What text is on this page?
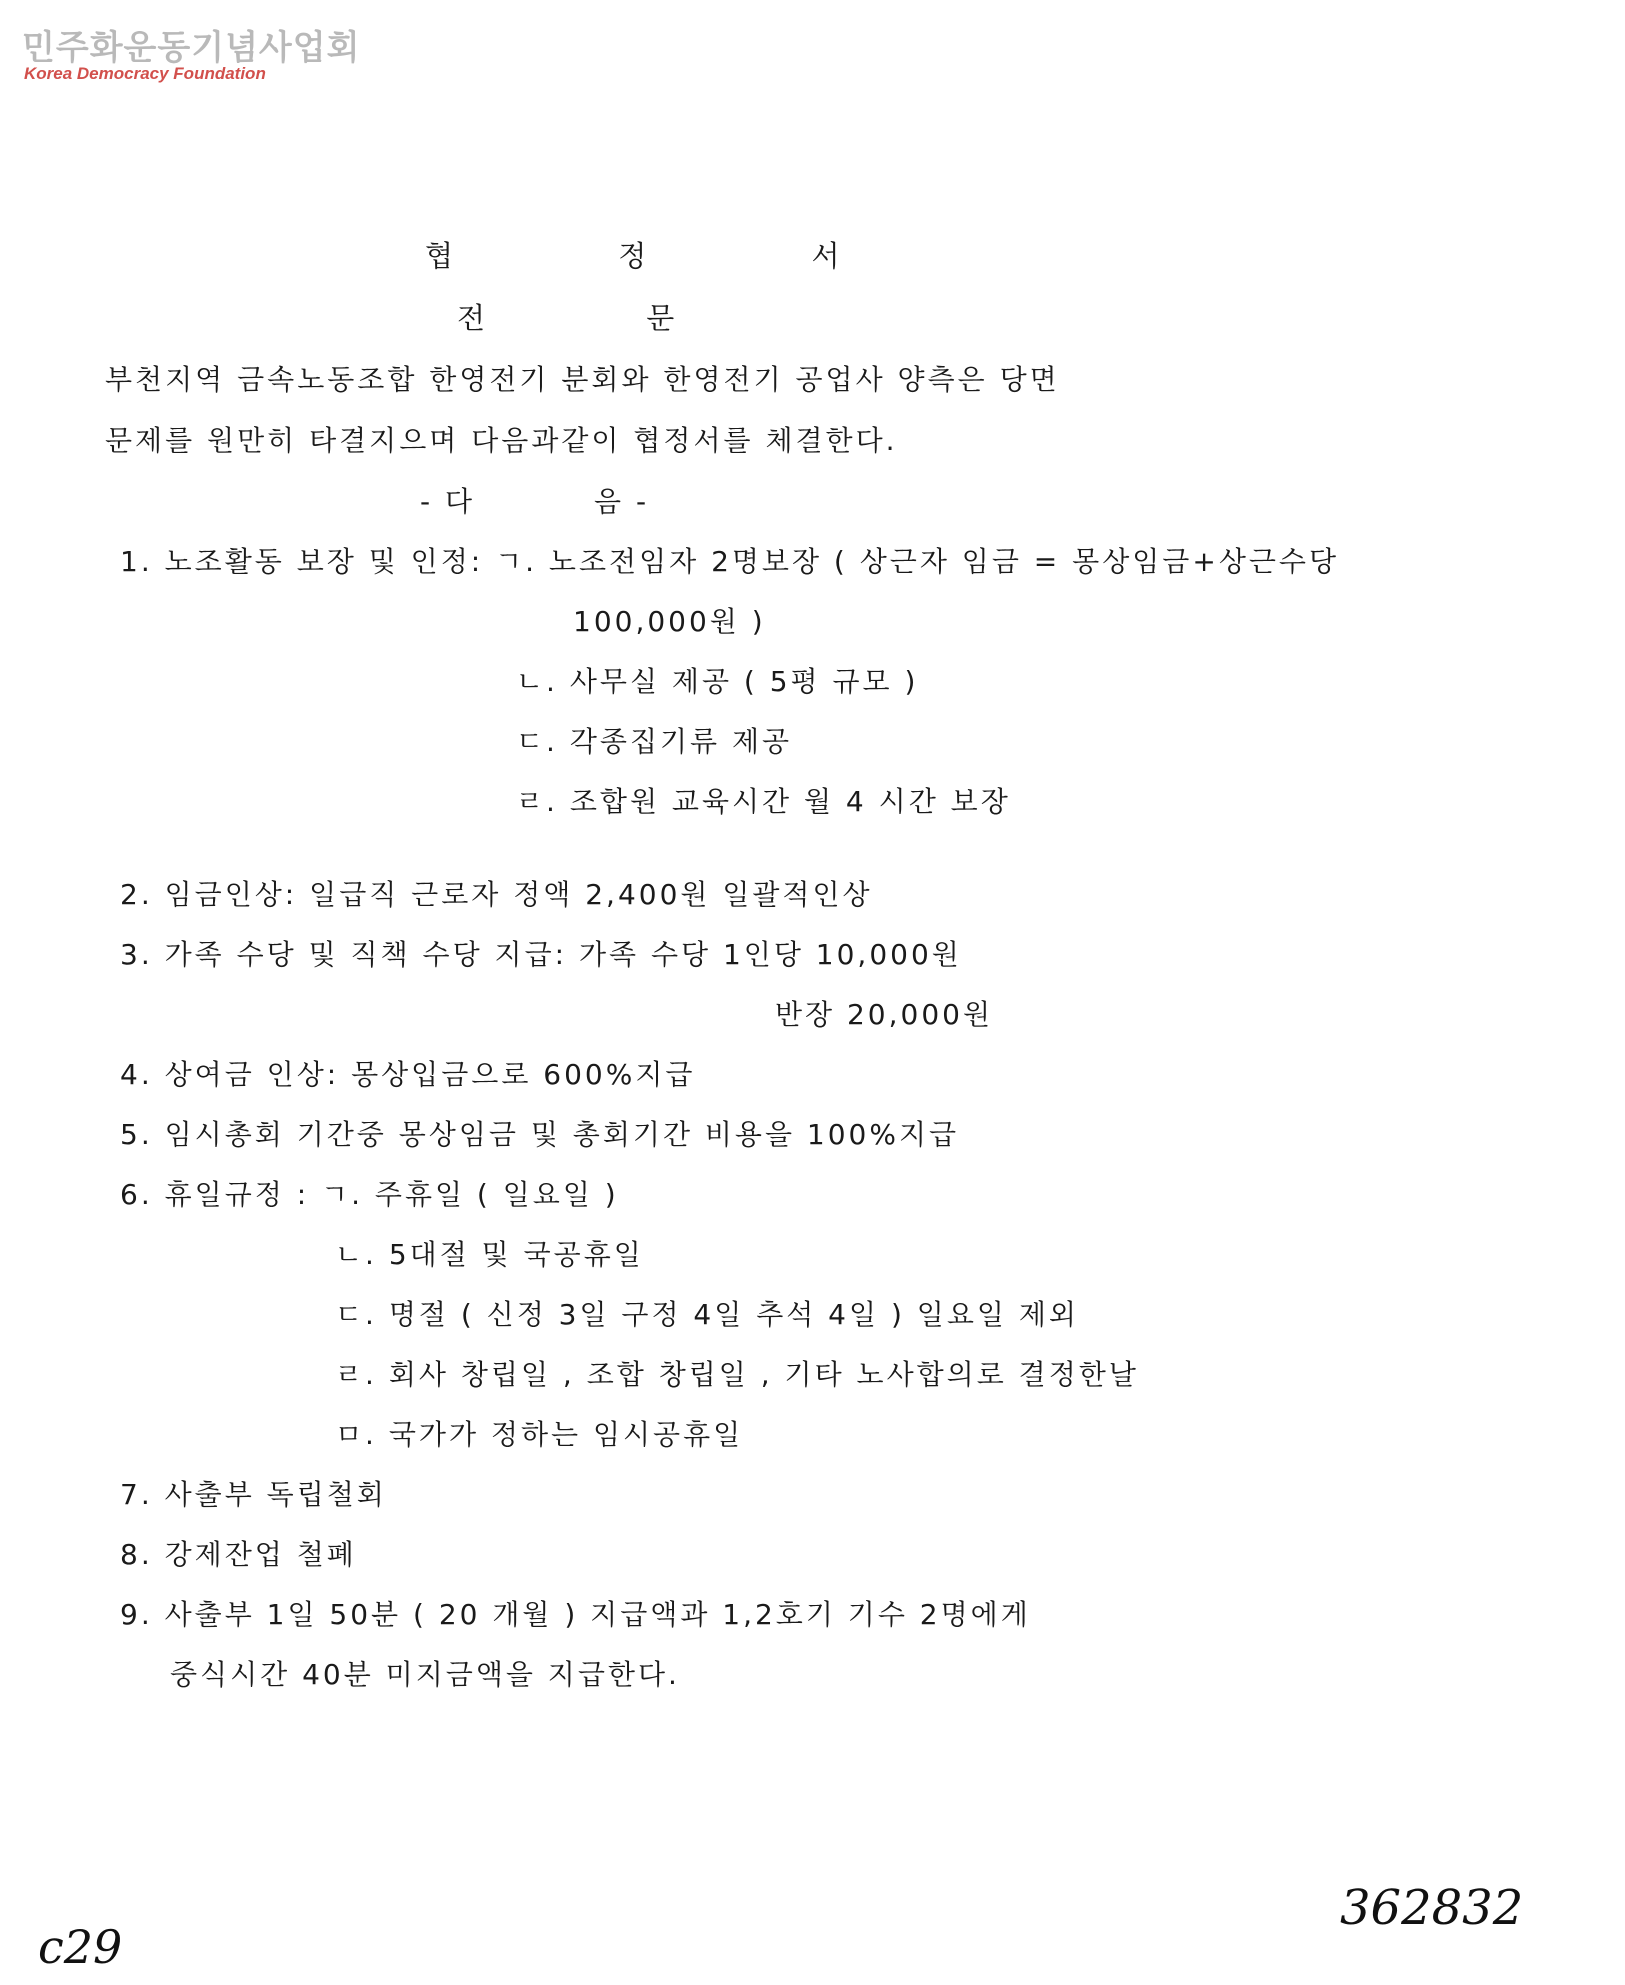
민주화운동기념사업회
Korea Democracy Foundation
협 정 서
전 문
부천지역 금속노동조합 한영전기 분회와 한영전기 공업사 양측은 당면
문제를 원만히 타결지으며 다음과같이 협정서를 체결한다.
- 다          음 -
1. 노조활동 보장 및 인정: ㄱ. 노조전임자 2명보장 ( 상근자 임금 = 몽상임금+상근수당
100,000원 )
ㄴ. 사무실 제공 ( 5평 규모 )
ㄷ. 각종집기류 제공
ㄹ. 조합원 교육시간 월 4 시간 보장
2. 임금인상: 일급직 근로자 정액 2,400원 일괄적인상
3. 가족 수당 및 직책 수당 지급: 가족 수당 1인당 10,000원
반장 20,000원
4. 상여금 인상: 몽상입금으로 600%지급
5. 임시총회 기간중 몽상임금 및 총회기간 비용을 100%지급
6. 휴일규정 : ㄱ. 주휴일 ( 일요일 )
ㄴ. 5대절 및 국공휴일
ㄷ. 명절 ( 신정 3일 구정 4일 추석 4일 ) 일요일 제외
ㄹ. 회사 창립일 , 조합 창립일 , 기타 노사합의로 결정한날
ㅁ. 국가가 정하는 임시공휴일
7. 사출부 독립철회
8. 강제잔업 철폐
9. 사출부 1일 50분 ( 20 개월 ) 지급액과 1,2호기 기수 2명에게
중식시간 40분 미지금액을 지급한다.
c29
362832
